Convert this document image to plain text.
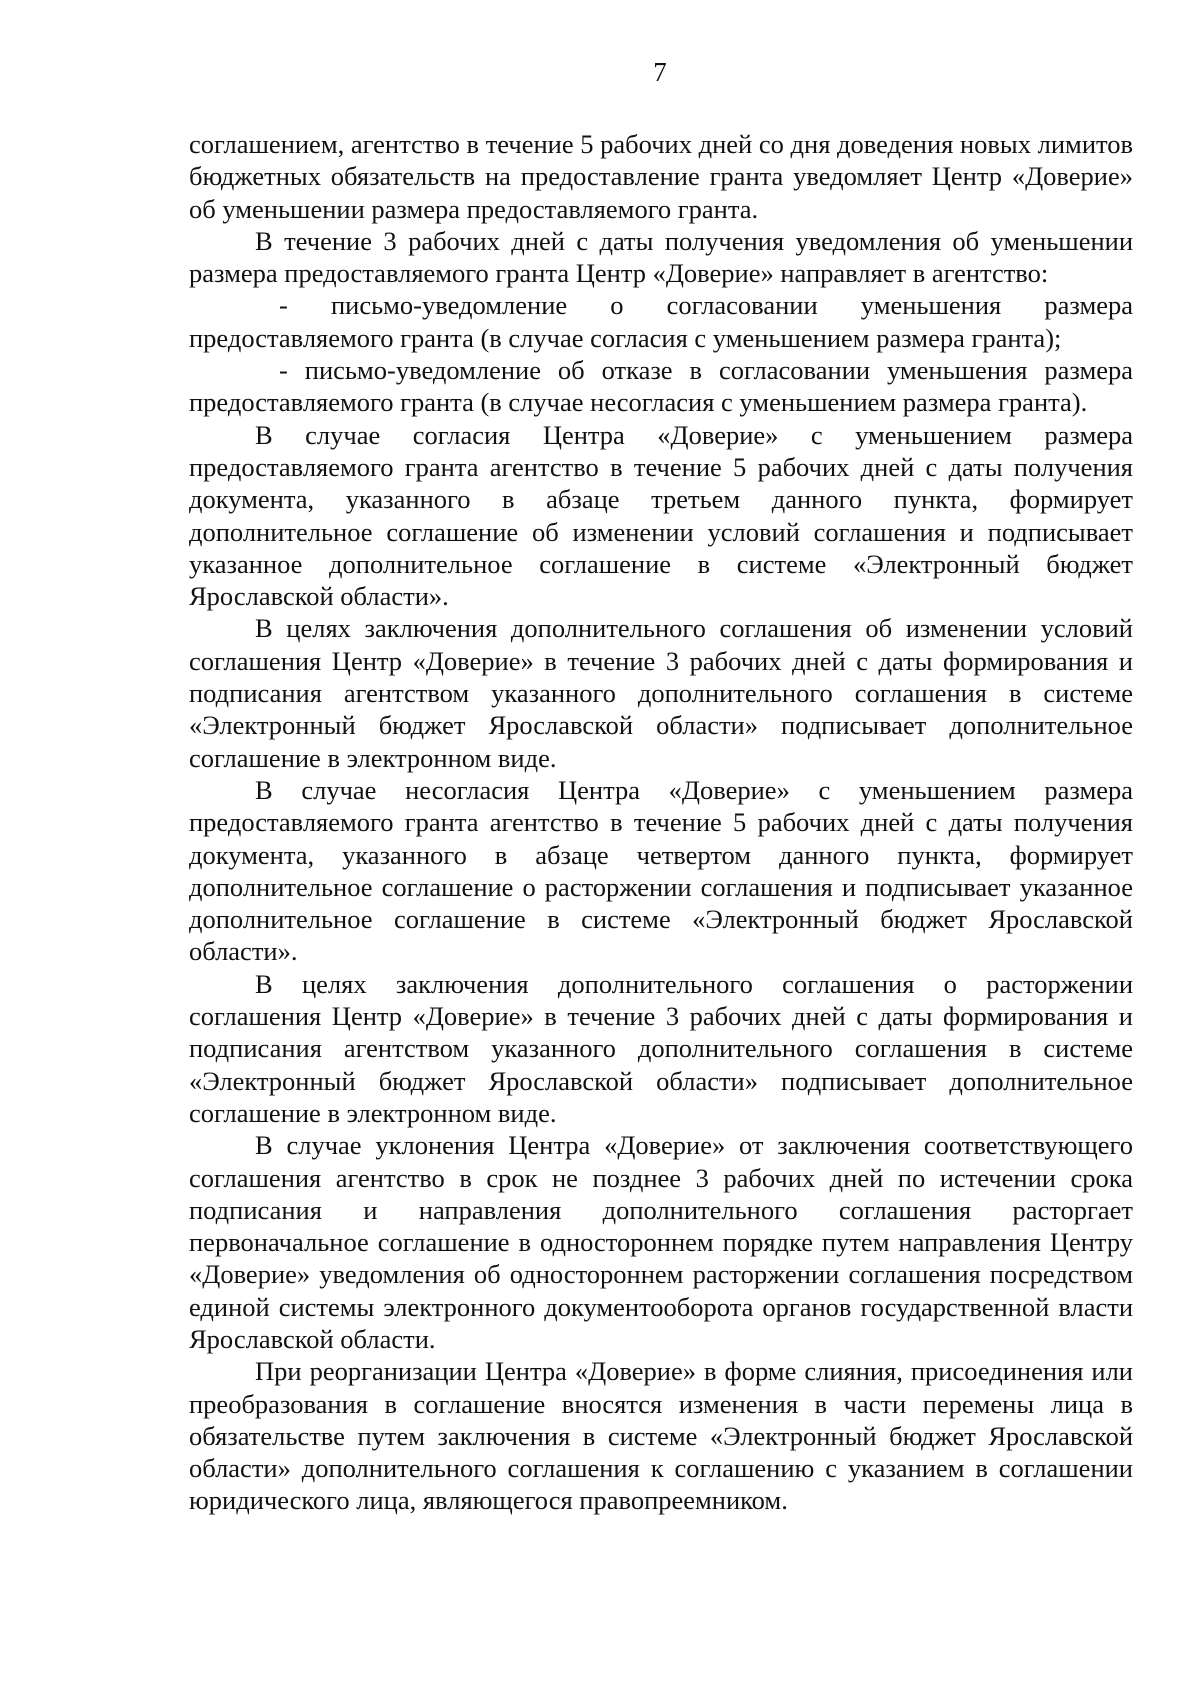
7

соглашением, агентство в течение 5 рабочих дней со дня доведения новых лимитов бюджетных обязательств на предоставление гранта уведомляет Центр «Доверие» об уменьшении размера предоставляемого гранта.

В течение 3 рабочих дней с даты получения уведомления об уменьшении размера предоставляемого гранта Центр «Доверие» направляет в агентство:

- письмо-уведомление о согласовании уменьшения размера предоставляемого гранта (в случае согласия с уменьшением размера гранта);

- письмо-уведомление об отказе в согласовании уменьшения размера предоставляемого гранта (в случае несогласия с уменьшением размера гранта).

В случае согласия Центра «Доверие» с уменьшением размера предоставляемого гранта агентство в течение 5 рабочих дней с даты получения документа, указанного в абзаце третьем данного пункта, формирует дополнительное соглашение об изменении условий соглашения и подписывает указанное дополнительное соглашение в системе «Электронный бюджет Ярославской области».

В целях заключения дополнительного соглашения об изменении условий соглашения Центр «Доверие» в течение 3 рабочих дней с даты формирования и подписания агентством указанного дополнительного соглашения в системе «Электронный бюджет Ярославской области» подписывает дополнительное соглашение в электронном виде.

В случае несогласия Центра «Доверие» с уменьшением размера предоставляемого гранта агентство в течение 5 рабочих дней с даты получения документа, указанного в абзаце четвертом данного пункта, формирует дополнительное соглашение о расторжении соглашения и подписывает указанное дополнительное соглашение в системе «Электронный бюджет Ярославской области».

В целях заключения дополнительного соглашения о расторжении соглашения Центр «Доверие» в течение 3 рабочих дней с даты формирования и подписания агентством указанного дополнительного соглашения в системе «Электронный бюджет Ярославской области» подписывает дополнительное соглашение в электронном виде.

В случае уклонения Центра «Доверие» от заключения соответствующего соглашения агентство в срок не позднее 3 рабочих дней по истечении срока подписания и направления дополнительного соглашения расторгает первоначальное соглашение в одностороннем порядке путем направления Центру «Доверие» уведомления об одностороннем расторжении соглашения посредством единой системы электронного документооборота органов государственной власти Ярославской области.

При реорганизации Центра «Доверие» в форме слияния, присоединения или преобразования в соглашение вносятся изменения в части перемены лица в обязательстве путем заключения в системе «Электронный бюджет Ярославской области» дополнительного соглашения к соглашению с указанием в соглашении юридического лица, являющегося правопреемником.
